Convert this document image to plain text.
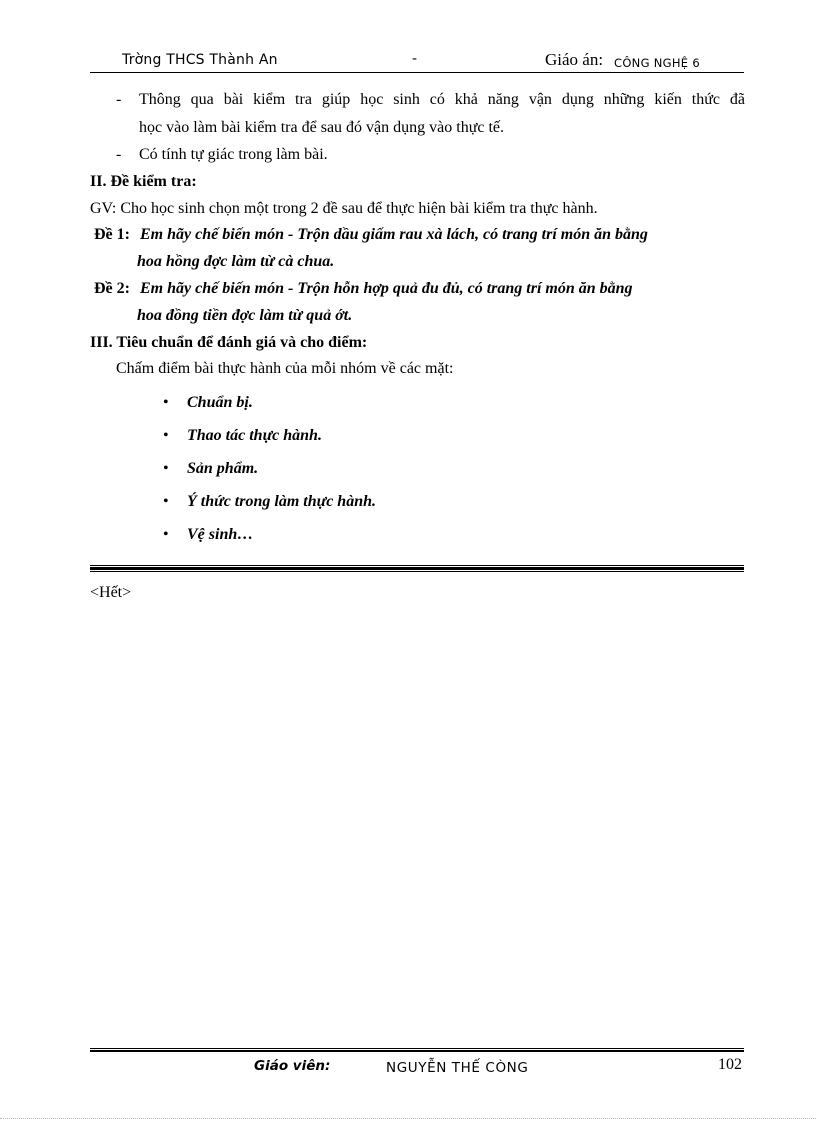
Trờng THCS Thành An	-	Giáo án: CÔNG NGHỆ 6
- Thông qua bài kiểm tra giúp học sinh có khả năng vận dụng những kiến thức đã
học vào làm bài kiểm tra để sau đó vận dụng vào thực tế.
- Có tính tự giác trong làm bài.
II. Đề kiểm tra:
GV: Cho học sinh chọn một trong 2 đề sau để thực hiện bài kiểm tra thực hành.
Đề 1: Em hãy chế biến món - Trộn dầu giấm rau xà lách, có trang trí món ăn bằng
hoa hồng đợc làm từ cà chua.
Đề 2: Em hãy chế biến món - Trộn hỗn hợp quả đu đủ, có trang trí món ăn bằng
hoa đồng tiền đợc làm từ quả ớt.
III. Tiêu chuẩn để đánh giá và cho điểm:
Chấm điểm bài thực hành của mỗi nhóm về các mặt:
• Chuẩn bị.
• Thao tác thực hành.
• Sản phẩm.
• Ý thức trong làm thực hành.
• Vệ sinh…
<Hết>
Giáo viên:	NGUYỄN THẾ CÒNG	102
